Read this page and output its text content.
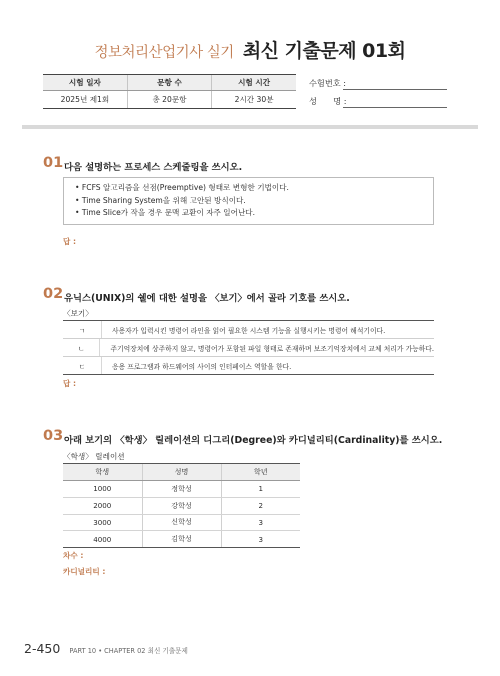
정보처리산업기사 실기 최신 기출문제 01회
시험 일자	문항 수	시험 시간
2025년 제1회	총 20문항	2시간 30분
수험번호 :
성　　명 :
01 다음 설명하는 프로세스 스케줄링을 쓰시오.
• FCFS 알고리즘을 선점(Preemptive) 형태로 변형한 기법이다.
• Time Sharing System을 위해 고안된 방식이다.
• Time Slice가 작을 경우 문맥 교환이 자주 일어난다.
답 :
02 유닉스(UNIX)의 쉘에 대한 설명을 〈보기〉에서 골라 기호를 쓰시오.
〈보기〉
ㄱ	사용자가 입력시킨 명령어 라인을 읽어 필요한 시스템 기능을 실행시키는 명령어 해석기이다.
ㄴ	주기억장치에 상주하지 않고, 명령어가 포함된 파일 형태로 존재하며 보조기억장치에서 교체 처리가 가능하다.
ㄷ	응용 프로그램과 하드웨어의 사이의 인터페이스 역할을 한다.
답 :
03 아래 보기의 〈학생〉 릴레이션의 디그리(Degree)와 카디널리티(Cardinality)를 쓰시오.
〈학생〉 릴레이션
학생	성명	학년
1000	정학성	1
2000	강학성	2
3000	신학성	3
4000	김학성	3
차수 :
카디널리티 :
2-450 PART 10 • CHAPTER 02 최신 기출문제
